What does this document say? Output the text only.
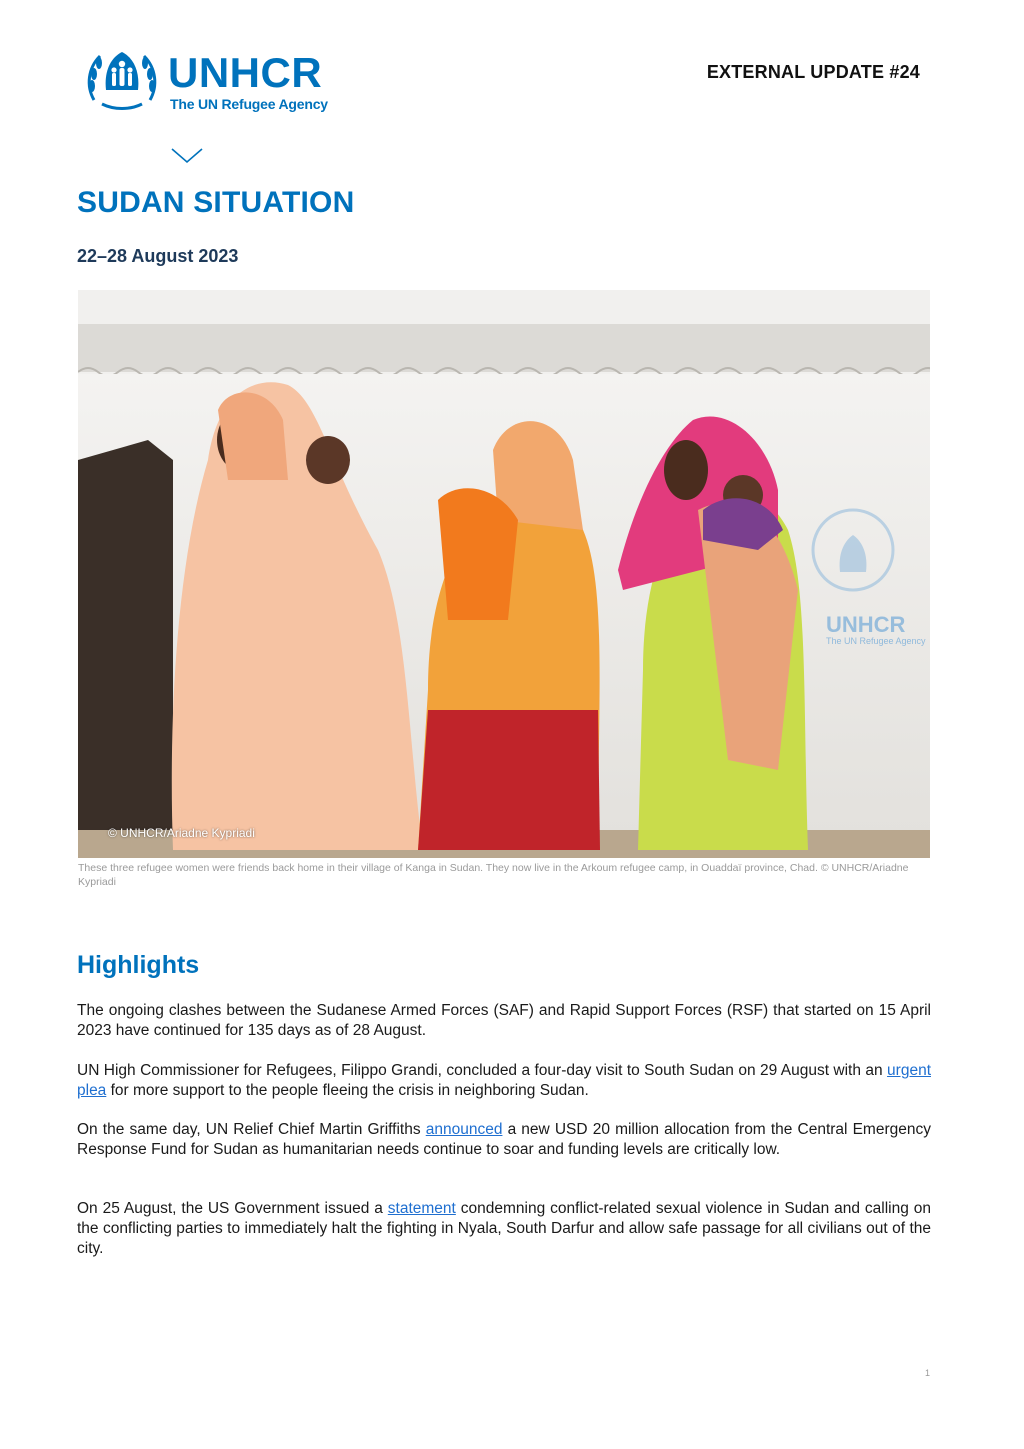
UNHCR
The UN Refugee Agency
EXTERNAL UPDATE #24
SUDAN SITUATION
22–28 August 2023
UNHCR
The UN Refugee Agency
© UNHCR/Ariadne Kypriadi
These three refugee women were friends back home in their village of Kanga in Sudan. They now live in the Arkoum refugee camp, in Ouaddaï province, Chad. © UNHCR/Ariadne Kypriadi
Highlights
The ongoing clashes between the Sudanese Armed Forces (SAF) and Rapid Support Forces (RSF) that started on 15 April 2023 have continued for 135 days as of 28 August.
UN High Commissioner for Refugees, Filippo Grandi, concluded a four-day visit to South Sudan on 29 August with an urgent plea for more support to the people fleeing the crisis in neighboring Sudan.
On the same day, UN Relief Chief Martin Griffiths announced a new USD 20 million allocation from the Central Emergency Response Fund for Sudan as humanitarian needs continue to soar and funding levels are critically low.
On 25 August, the US Government issued a statement condemning conflict-related sexual violence in Sudan and calling on the conflicting parties to immediately halt the fighting in Nyala, South Darfur and allow safe passage for all civilians out of the city.
1
